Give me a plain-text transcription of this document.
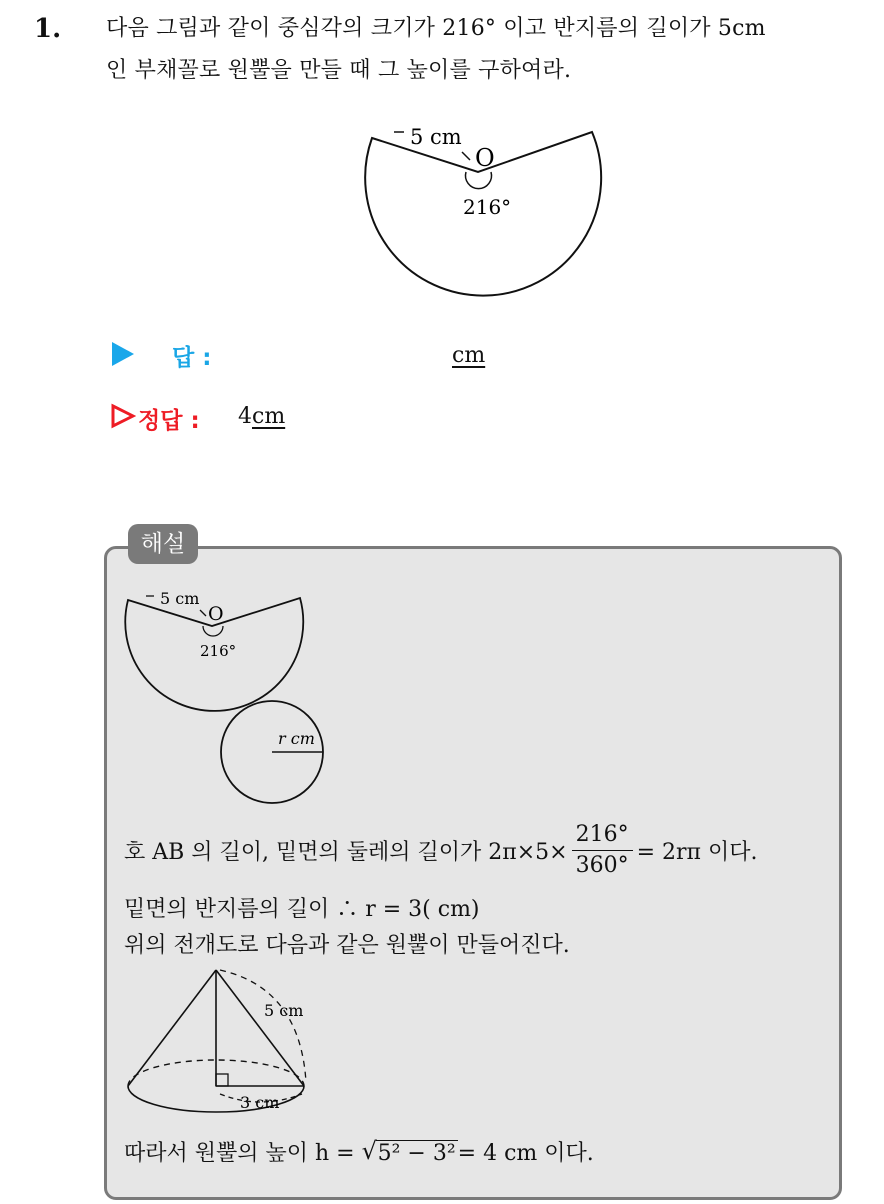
1. 다음 그림과 같이 중심각의 크기가 216° 이고 반지름의 길이가 5cm
인 부채꼴로 원뿔을 만들 때 그 높이를 구하여라.
5 cm
O
216°
답 :	cm
정답 : 4cm
해설
5 cm
O
216°
r cm
호 AB 의 길이, 밑면의 둘레의 길이가 $2\pi\times 5\times \frac{216^\circ}{360^\circ} = 2r\pi$ 이다.
밑면의 반지름의 길이 ∴ r = 3( cm)
위의 전개도로 다음과 같은 원뿔이 만들어진다.
5 cm
3 cm
따라서 원뿔의 높이 h = √ 5² − 3²= 4 cm 이다.
